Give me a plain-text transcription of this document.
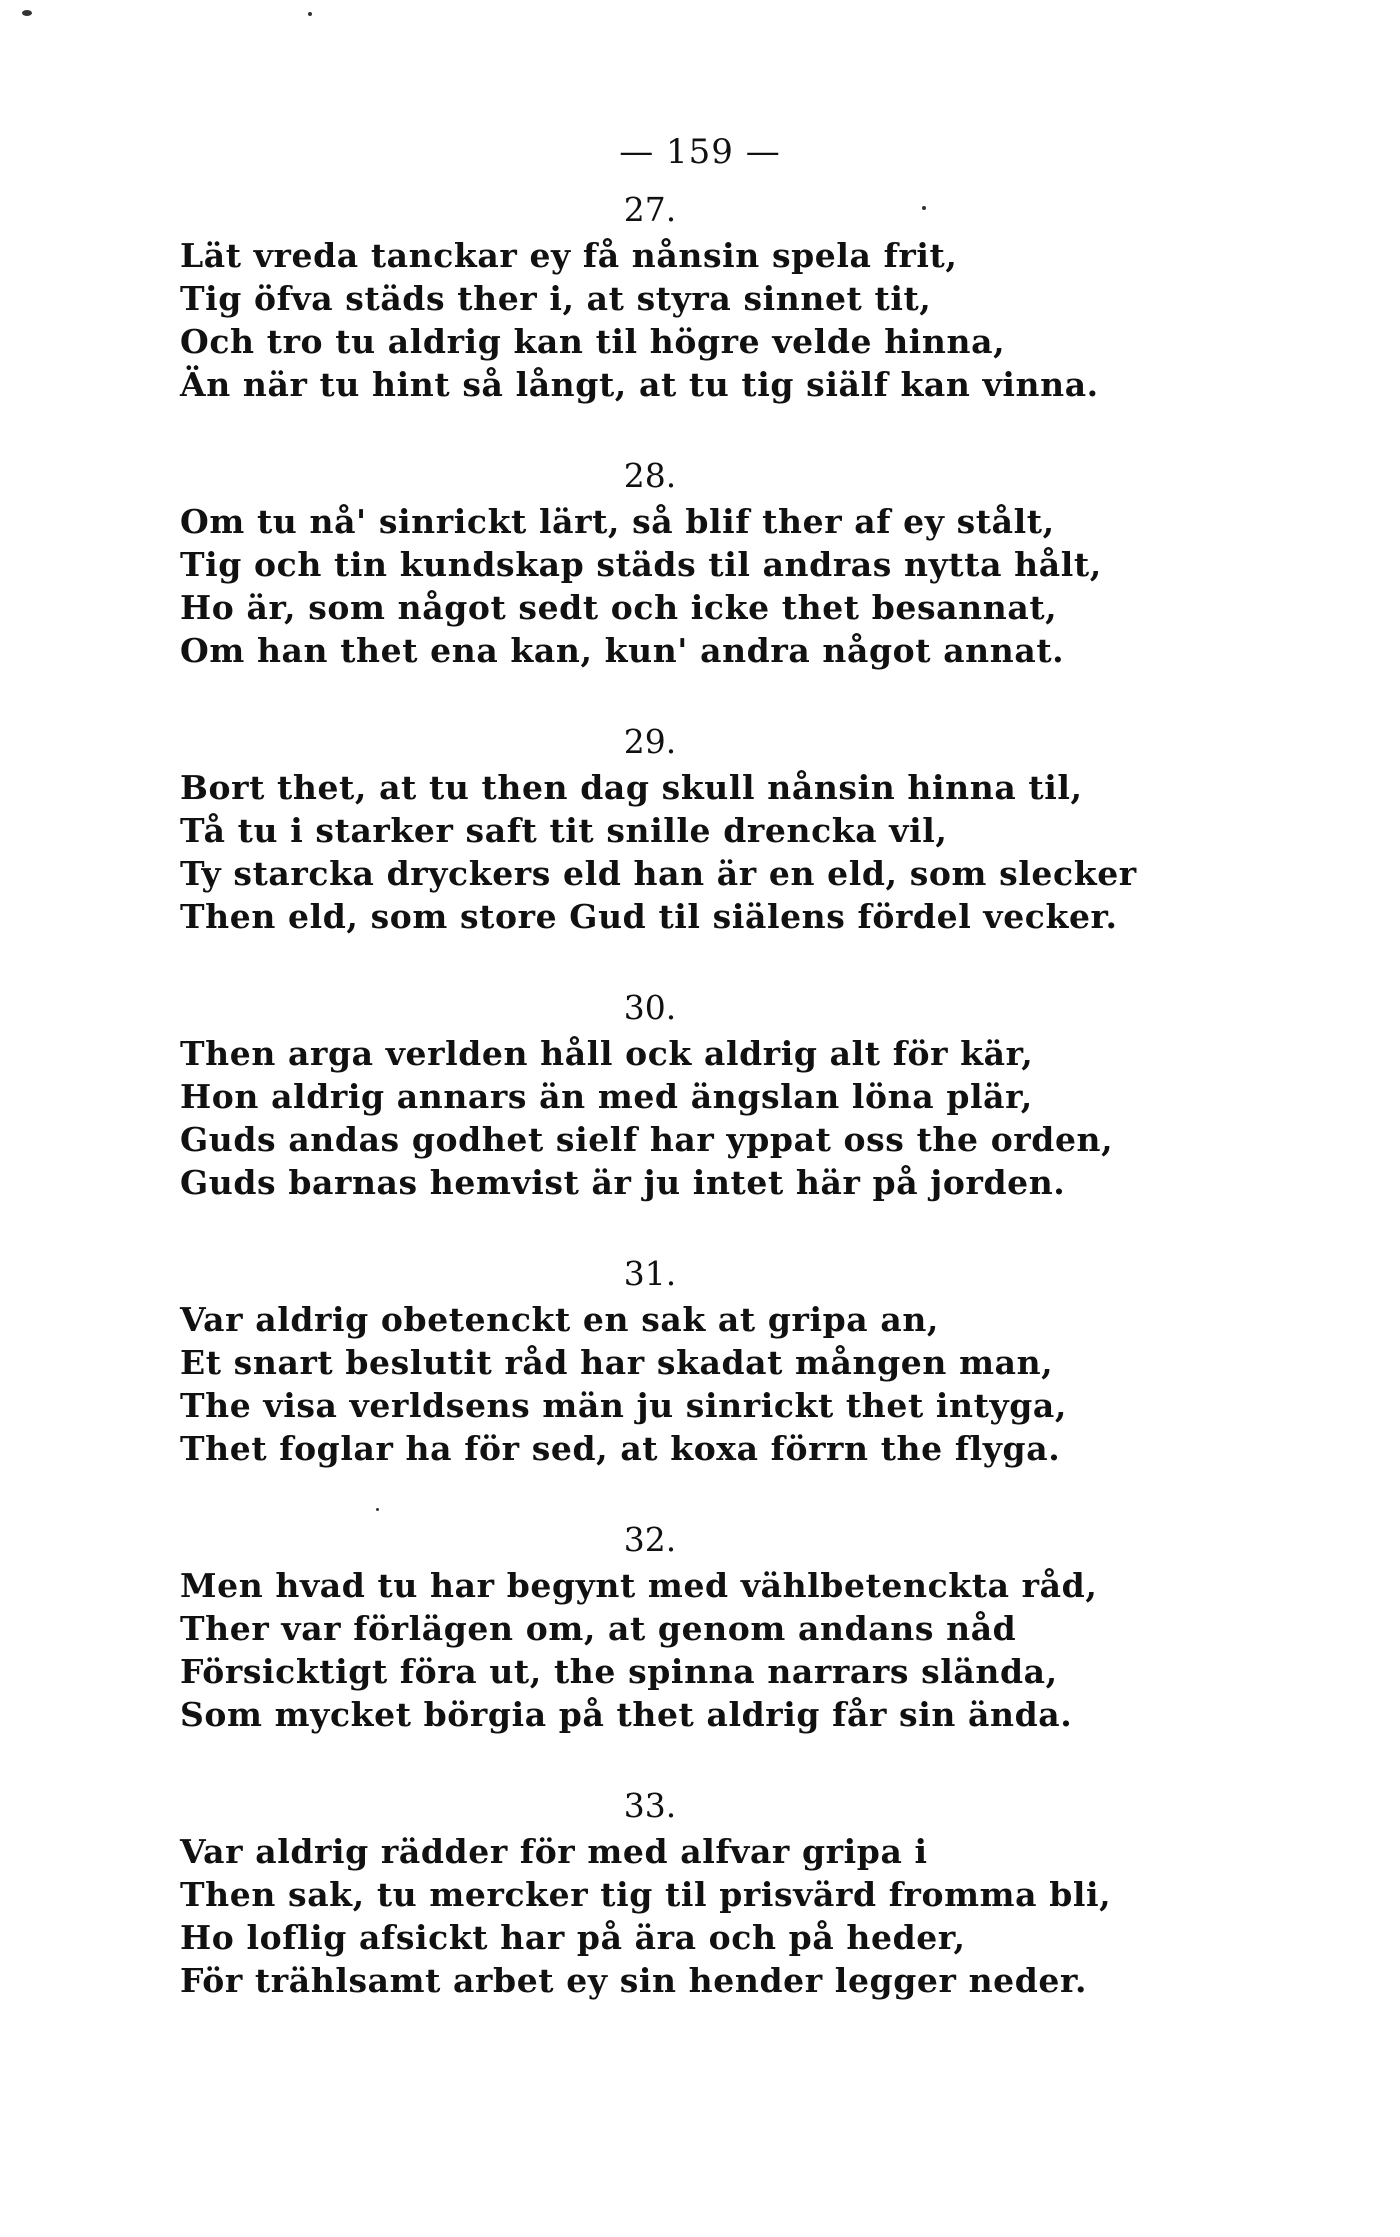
— 159 —
27.
Lät vreda tanckar ey få nånsin spela frit,
Tig öfva städs ther i, at styra sinnet tit,
Och tro tu aldrig kan til högre velde hinna,
Än när tu hint så långt, at tu tig siälf kan vinna.
28.
Om tu nå' sinrickt lärt, så blif ther af ey stålt,
Tig och tin kundskap städs til andras nytta hålt,
Ho är, som något sedt och icke thet besannat,
Om han thet ena kan, kun' andra något annat.
29.
Bort thet, at tu then dag skull nånsin hinna til,
Tå tu i starker saft tit snille drencka vil,
Ty starcka dryckers eld han är en eld, som slecker
Then eld, som store Gud til siälens fördel vecker.
30.
Then arga verlden håll ock aldrig alt för kär,
Hon aldrig annars än med ängslan löna plär,
Guds andas godhet sielf har yppat oss the orden,
Guds barnas hemvist är ju intet här på jorden.
31.
Var aldrig obetenckt en sak at gripa an,
Et snart beslutit råd har skadat mången man,
The visa verldsens män ju sinrickt thet intyga,
Thet foglar ha för sed, at koxa förrn the flyga.
32.
Men hvad tu har begynt med vählbetenckta råd,
Ther var förlägen om, at genom andans nåd
Försicktigt föra ut, the spinna narrars slända,
Som mycket börgia på thet aldrig får sin ända.
33.
Var aldrig rädder för med alfvar gripa i
Then sak, tu mercker tig til prisvärd fromma bli,
Ho loflig afsickt har på ära och på heder,
För trählsamt arbet ey sin hender legger neder.
